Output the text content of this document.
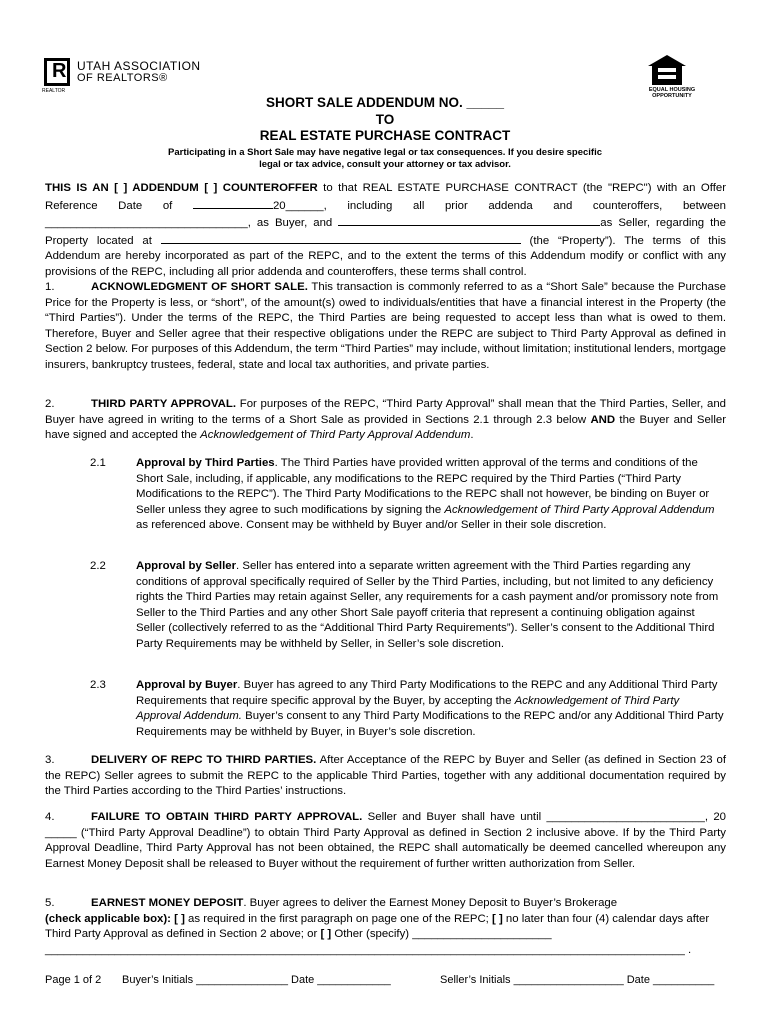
R
REALTOR
UTAH ASSOCIATION
OF REALTORS®
EQUAL HOUSING OPPORTUNITY
SHORT SALE ADDENDUM NO. _____
TO
REAL ESTATE PURCHASE CONTRACT
Participating in a Short Sale may have negative legal or tax consequences. If you desire specific
legal or tax advice, consult your attorney or tax advisor.
THIS IS AN [ ] ADDENDUM [ ] COUNTEROFFER to that REAL ESTATE PURCHASE CONTRACT (the "REPC") with an Offer Reference Date of	20______, including all prior addenda and counteroffers, between ________________________________, as Buyer, and	as Seller, regarding the Property located at	(the “Property”). The terms of this Addendum are hereby incorporated as part of the REPC, and to the extent the terms of this Addendum modify or conflict with any provisions of the REPC, including all prior addenda and counteroffers, these terms shall control.
1.	ACKNOWLEDGMENT OF SHORT SALE. This transaction is commonly referred to as a “Short Sale” because the Purchase Price for the Property is less, or “short”, of the amount(s) owed to individuals/entities that have a financial interest in the Property (the “Third Parties”). Under the terms of the REPC, the Third Parties are being requested to accept less than what is owed to them. Therefore, Buyer and Seller agree that their respective obligations under the REPC are subject to Third Party Approval as defined in Section 2 below. For purposes of this Addendum, the term “Third Parties” may include, without limitation; institutional lenders, mortgage insurers, bankruptcy trustees, federal, state and local tax authorities, and private parties.
2.	THIRD PARTY APPROVAL. For purposes of the REPC, “Third Party Approval” shall mean that the Third Parties, Seller, and Buyer have agreed in writing to the terms of a Short Sale as provided in Sections 2.1 through 2.3 below AND the Buyer and Seller have signed and accepted the Acknowledgement of Third Party Approval Addendum.
2.1	Approval by Third Parties. The Third Parties have provided written approval of the terms and conditions of the Short Sale, including, if applicable, any modifications to the REPC required by the Third Parties (“Third Party Modifications to the REPC”). The Third Party Modifications to the REPC shall not however, be binding on Buyer or Seller unless they agree to such modifications by signing the Acknowledgement of Third Party Approval Addendum as referenced above. Consent may be withheld by Buyer and/or Seller in their sole discretion.
2.2	Approval by Seller. Seller has entered into a separate written agreement with the Third Parties regarding any conditions of approval specifically required of Seller by the Third Parties, including, but not limited to any deficiency rights the Third Parties may retain against Seller, any requirements for a cash payment and/or promissory note from Seller to the Third Parties and any other Short Sale payoff criteria that represent a continuing obligation against Seller (collectively referred to as the “Additional Third Party Requirements”). Seller’s consent to the Additional Third Party Requirements may be withheld by Seller, in Seller’s sole discretion.
2.3	Approval by Buyer. Buyer has agreed to any Third Party Modifications to the REPC and any Additional Third Party Requirements that require specific approval by the Buyer, by accepting the Acknowledgement of Third Party Approval Addendum. Buyer’s consent to any Third Party Modifications to the REPC and/or any Additional Third Party Requirements may be withheld by Buyer, in Buyer’s sole discretion.
3.	DELIVERY OF REPC TO THIRD PARTIES. After Acceptance of the REPC by Buyer and Seller (as defined in Section 23 of the REPC) Seller agrees to submit the REPC to the applicable Third Parties, together with any additional documentation required by the Third Parties according to the Third Parties’ instructions.
4.	FAILURE TO OBTAIN THIRD PARTY APPROVAL. Seller and Buyer shall have until _________________________, 20 _____ (“Third Party Approval Deadline”) to obtain Third Party Approval as defined in Section 2 inclusive above. If by the Third Party Approval Deadline, Third Party Approval has not been obtained, the REPC shall automatically be deemed cancelled whereupon any Earnest Money Deposit shall be released to Buyer without the requirement of further written authorization from Seller.
5.	EARNEST MONEY DEPOSIT. Buyer agrees to deliver the Earnest Money Deposit to Buyer’s Brokerage
(check applicable box): [ ] as required in the first paragraph on page one of the REPC; [ ] no later than four (4) calendar days after Third Party Approval as defined in Section 2 above; or [ ] Other (specify) ______________________
_____________________________________________________________________________________________________ .
Page 1 of 2 Buyer’s Initials _______________ Date ____________	Seller’s Initials __________________ Date __________
